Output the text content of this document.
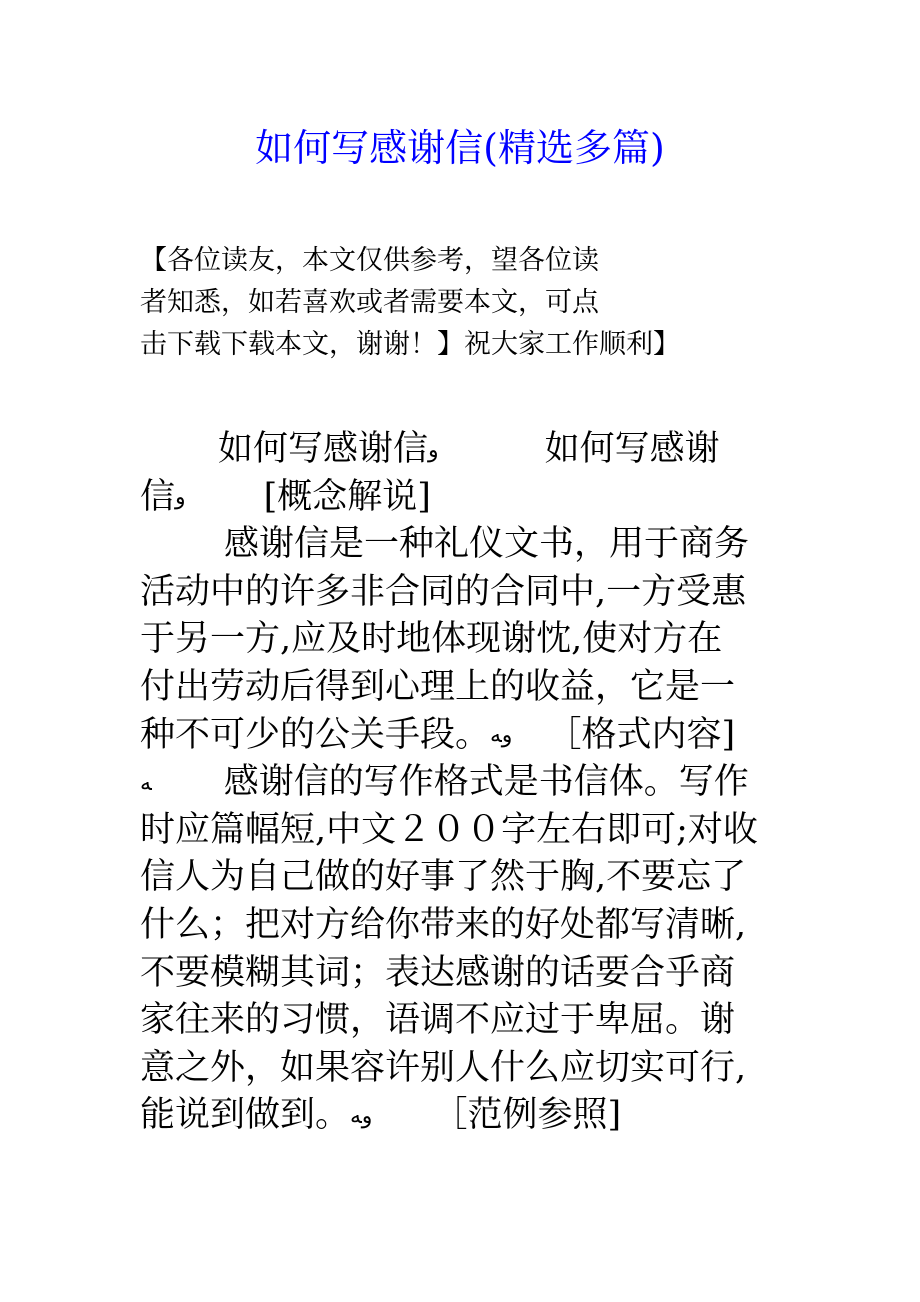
如何写感谢信(精选多篇)
【各位读友，本文仅供参考，望各位读
者知悉，如若喜欢或者需要本文，可点
击下载下载本文，谢谢！】祝大家工作顺利】
如何写感谢信و	如何写感谢
信و [概念解说]
感谢信是一种礼仪文书，用于商务
活动中的许多非合同的合同中,一方受惠
于另一方,应及时地体现谢忱,使对方在
付出劳动后得到心理上的收益，它是一
种不可少的公关手段。وﻪ ［格式内容]
ﻪ 感谢信的写作格式是书信体。写作
时应篇幅短,中文２００字左右即可;对收
信人为自己做的好事了然于胸,不要忘了
什么；把对方给你带来的好处都写清晰,
不要模糊其词；表达感谢的话要合乎商
家往来的习惯，语调不应过于卑屈。谢
意之外，如果容许别人什么应切实可行,
能说到做到。وﻪ ［范例参照]
